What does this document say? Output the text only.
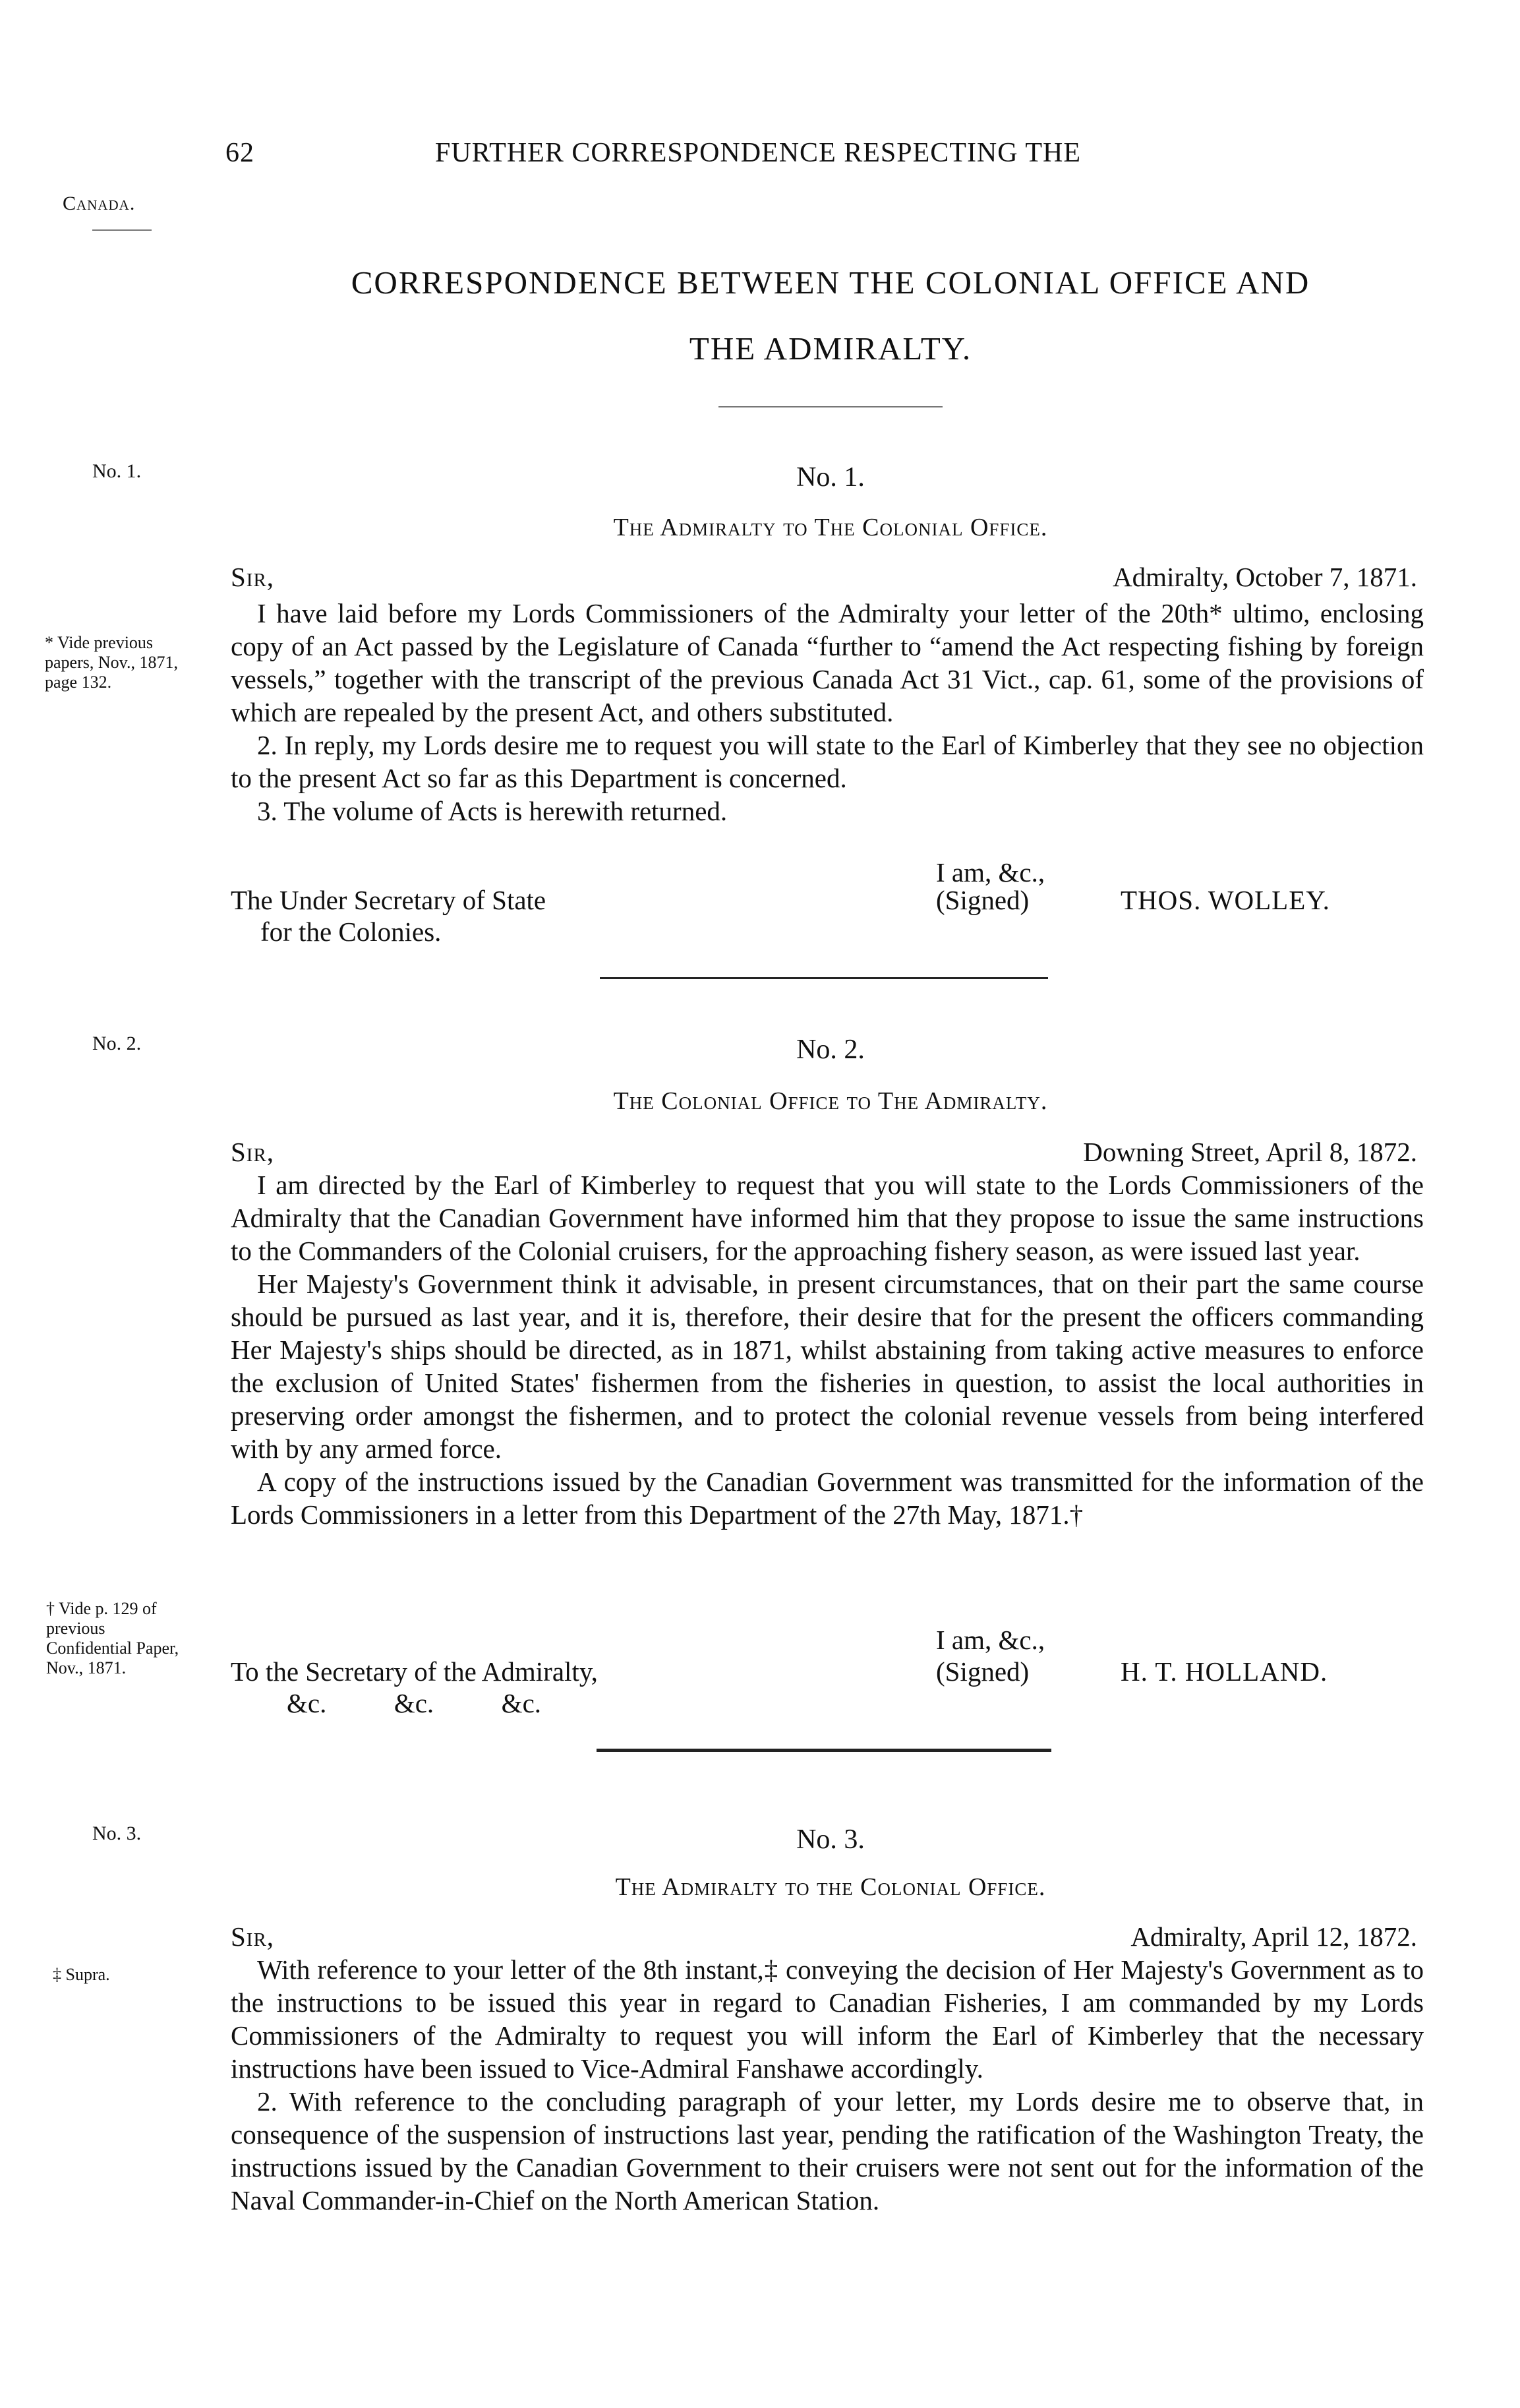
62	FURTHER CORRESPONDENCE RESPECTING THE
Canada.
CORRESPONDENCE BETWEEN THE COLONIAL OFFICE AND
THE ADMIRALTY.
No. 1.	No. 1.
The Admiralty to The Colonial Office.
Sir,	Admiralty, October 7, 1871.
* Vide previous papers, Nov., 1871, page 132.

I have laid before my Lords Commissioners of the Admiralty your letter of the 20th* ultimo, enclosing copy of an Act passed by the Legislature of Canada “further to “amend the Act respecting fishing by foreign vessels,” together with the transcript of the previous Canada Act 31 Vict., cap. 61, some of the provisions of which are repealed by the present Act, and others substituted.

2. In reply, my Lords desire me to request you will state to the Earl of Kimberley that they see no objection to the present Act so far as this Department is concerned.

3. The volume of Acts is herewith returned.

I am, &c.,
The Under Secretary of State	(Signed)	THOS. WOLLEY.
for the Colonies.
No. 2.	No. 2.
The Colonial Office to The Admiralty.
Sir,	Downing Street, April 8, 1872.

I am directed by the Earl of Kimberley to request that you will state to the Lords Commissioners of the Admiralty that the Canadian Government have informed him that they propose to issue the same instructions to the Commanders of the Colonial cruisers, for the approaching fishery season, as were issued last year.

Her Majesty's Government think it advisable, in present circumstances, that on their part the same course should be pursued as last year, and it is, therefore, their desire that for the present the officers commanding Her Majesty's ships should be directed, as in 1871, whilst abstaining from taking active measures to enforce the exclusion of United States' fishermen from the fisheries in question, to assist the local authorities in preserving order amongst the fishermen, and to protect the colonial revenue vessels from being interfered with by any armed force.

A copy of the instructions issued by the Canadian Government was transmitted for the information of the Lords Commissioners in a letter from this Department of the 27th May, 1871.†

† Vide p. 129 of previous Confidential Paper, Nov., 1871.
I am, &c.,
To the Secretary of the Admiralty,	(Signed)	H. T. HOLLAND.
&c.          &c.          &c.
No. 3.	No. 3.
The Admiralty to the Colonial Office.
Sir,	Admiralty, April 12, 1872.
‡ Supra.	With reference to your letter of the 8th instant,‡ conveying the decision of Her Majesty's Government as to the instructions to be issued this year in regard to Canadian Fisheries, I am commanded by my Lords Commissioners of the Admiralty to request you will inform the Earl of Kimberley that the necessary instructions have been issued to Vice-Admiral Fanshawe accordingly.

2. With reference to the concluding paragraph of your letter, my Lords desire me to observe that, in consequence of the suspension of instructions last year, pending the ratification of the Washington Treaty, the instructions issued by the Canadian Government to their cruisers were not sent out for the information of the Naval Commander-in-Chief on the North American Station.
